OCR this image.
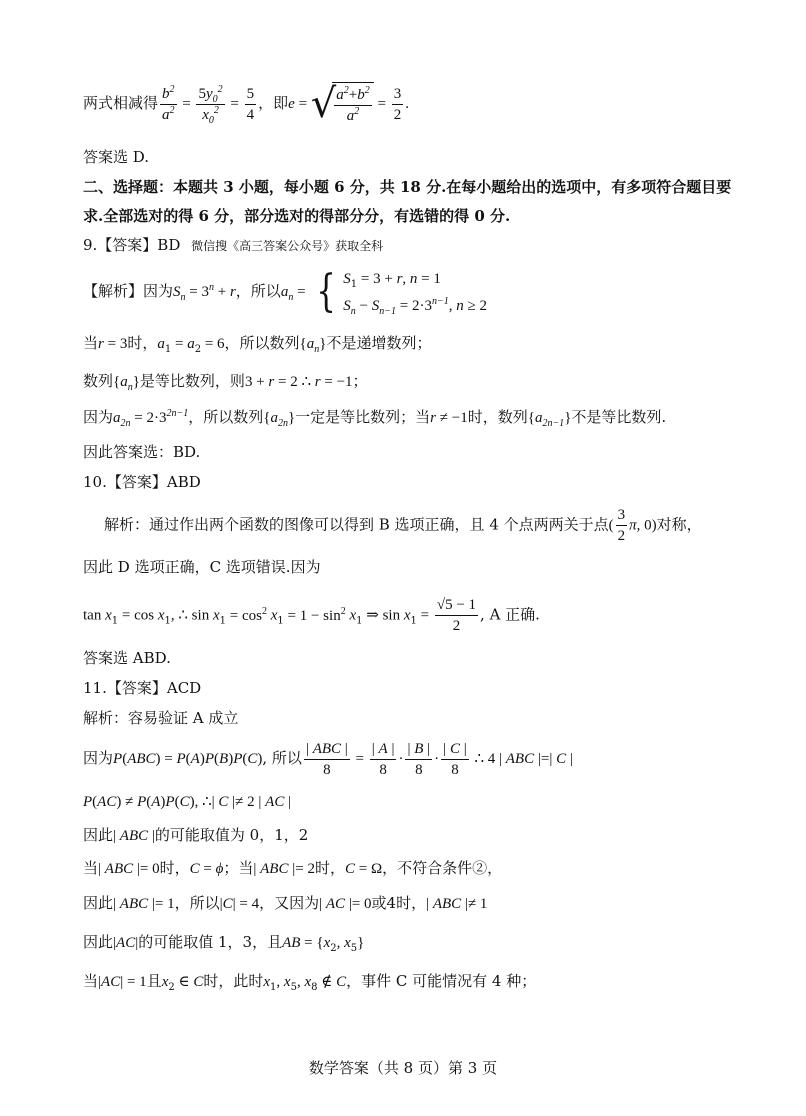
两式相减得 $\frac{b^2}{a^2} = \frac{5y_0^2}{x_0^2} = \frac{5}{4}$ ，即e = √
$\frac{a^2+b^2}{a^2} = \frac{3}{2}$ .
答案选 D.
二、选择题：本题共 3 小题，每小题 6 分，共 18 分.在每小题给出的选项中，有多项符合题目要
求.全部选对的得 6 分，部分选对的得部分分，有选错的得 0 分.
9.【答案】BD 微信搜《高三答案公众号》获取全科
【解析】因为$S_n = 3^n + r$，所以$a_n$ = { $S_1 = 3 + r$, n = 1
$S_n - S_{n-1} = 2\cdot 3^{n-1}$, n ≥ 2
当r = 3时，$a_1 = a_2 = 6$，所以数列$\{a_n\}$不是递增数列；
数列$\{a_n\}$是等比数列，则3 + r = 2 ∴ r = −1；
因为$a_{2n} = 2\cdot 3^{2n-1}$，所以数列$\{a_{2n}\}$一定是等比数列；当r ≠ −1时，数列$\{a_{2n-1}\}$不是等比数列.
因此答案选：BD.
10.【答案】ABD
解析：通过作出两个函数的图像可以得到 B 选项正确，且 4 个点两两关于点( $\frac{3}{2} \pi$, 0)对称，
因此 D 选项正确，C 选项错误.因为
$\tan x_1 = \cos x_1$, ∴ $\sin x_1 = \cos^2 x_1 = 1 - \sin^2 x_1$ ⇒ $\sin x_1 = \frac{√5 - 1}{2}$ , A 正确.
答案选 ABD.
11.【答案】ACD
解析：容易验证 A 成立
因为P(ABC) = P(A)P(B)P(C), 所以 $\frac{\text{| ABC |}}{8} = \frac{| A |}{8} \cdot \frac{| B |}{8} \cdot \frac{| C |}{8}$ ∴ 4 | ABC |=| C |
P(AC) ≠ P(A)P(C), ∴| C |≠ 2 | AC |
因此| ABC |的可能取值为 0，1，2
当| ABC |= 0时，C = ϕ；当| ABC |= 2时，C = Ω，不符合条件②，
因此| ABC |= 1，所以|C| = 4，又因为| AC |= 0或4时，| ABC |≠ 1
因此|AC|的可能取值 1，3，且AB = {$x_2$, $x_5$}
当|AC| = 1且$x_2$ ∈ C时，此时$x_1$, $x_5$, $x_8$ ∉ C，事件 C 可能情况有 4 种；
数学答案（共 8 页）第 3 页
